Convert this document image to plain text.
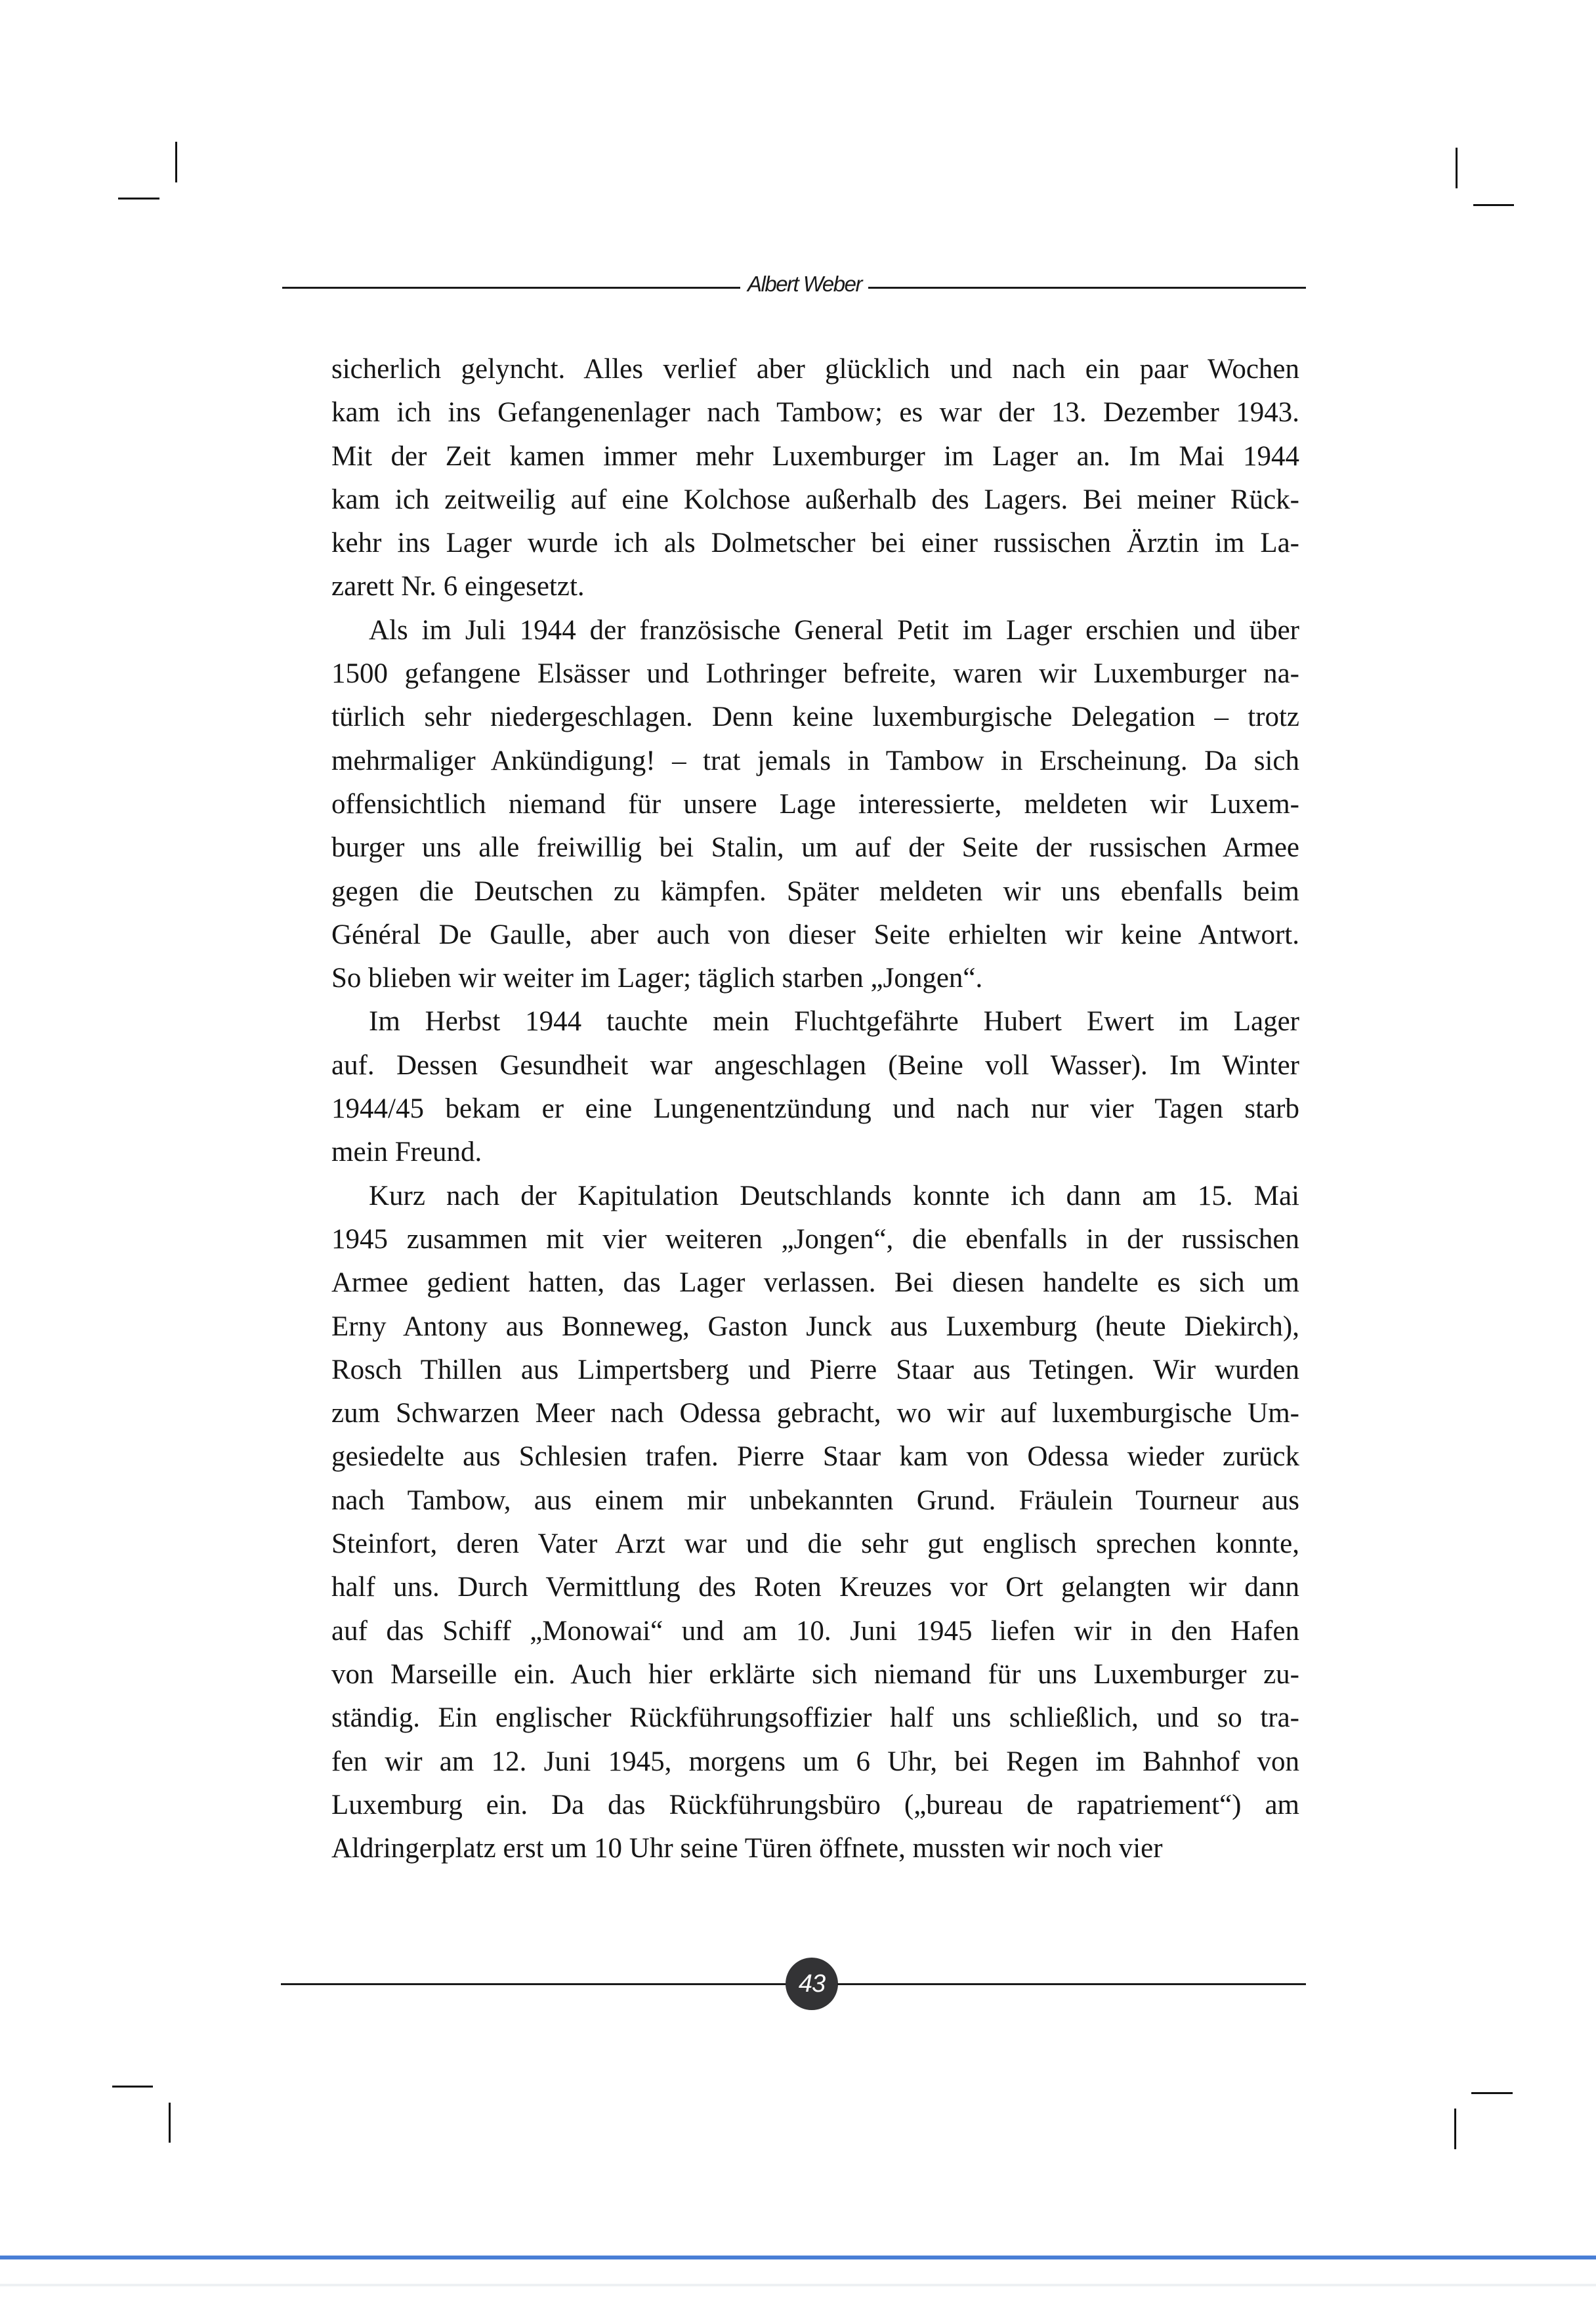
Albert Weber

sicherlich gelyncht. Alles verlief aber glücklich und nach ein paar Wochen
kam ich ins Gefangenenlager nach Tambow; es war der 13. Dezember 1943.
Mit der Zeit kamen immer mehr Luxemburger im Lager an. Im Mai 1944
kam ich zeitweilig auf eine Kolchose außerhalb des Lagers. Bei meiner Rück-
kehr ins Lager wurde ich als Dolmetscher bei einer russischen Ärztin im La-
zarett Nr. 6 eingesetzt.

Als im Juli 1944 der französische General Petit im Lager erschien und über
1500 gefangene Elsässer und Lothringer befreite, waren wir Luxemburger na-
türlich sehr niedergeschlagen. Denn keine luxemburgische Delegation – trotz
mehrmaliger Ankündigung! – trat jemals in Tambow in Erscheinung. Da sich
offensichtlich niemand für unsere Lage interessierte, meldeten wir Luxem-
burger uns alle freiwillig bei Stalin, um auf der Seite der russischen Armee
gegen die Deutschen zu kämpfen. Später meldeten wir uns ebenfalls beim
Général De Gaulle, aber auch von dieser Seite erhielten wir keine Antwort.
So blieben wir weiter im Lager; täglich starben „Jongen“.

Im Herbst 1944 tauchte mein Fluchtgefährte Hubert Ewert im Lager
auf. Dessen Gesundheit war angeschlagen (Beine voll Wasser). Im Winter
1944/45 bekam er eine Lungenentzündung und nach nur vier Tagen starb
mein Freund.

Kurz nach der Kapitulation Deutschlands konnte ich dann am 15. Mai
1945 zusammen mit vier weiteren „Jongen“, die ebenfalls in der russischen
Armee gedient hatten, das Lager verlassen. Bei diesen handelte es sich um
Erny Antony aus Bonneweg, Gaston Junck aus Luxemburg (heute Diekirch),
Rosch Thillen aus Limpertsberg und Pierre Staar aus Tetingen. Wir wurden
zum Schwarzen Meer nach Odessa gebracht, wo wir auf luxemburgische Um-
gesiedelte aus Schlesien trafen. Pierre Staar kam von Odessa wieder zurück
nach Tambow, aus einem mir unbekannten Grund. Fräulein Tourneur aus
Steinfort, deren Vater Arzt war und die sehr gut englisch sprechen konnte,
half uns. Durch Vermittlung des Roten Kreuzes vor Ort gelangten wir dann
auf das Schiff „Monowai“ und am 10. Juni 1945 liefen wir in den Hafen
von Marseille ein. Auch hier erklärte sich niemand für uns Luxemburger zu-
ständig. Ein englischer Rückführungsoffizier half uns schließlich, und so tra-
fen wir am 12. Juni 1945, morgens um 6 Uhr, bei Regen im Bahnhof von
Luxemburg ein. Da das Rückführungsbüro („bureau de rapatriement“) am
Aldringerplatz erst um 10 Uhr seine Türen öffnete, mussten wir noch vier

43
